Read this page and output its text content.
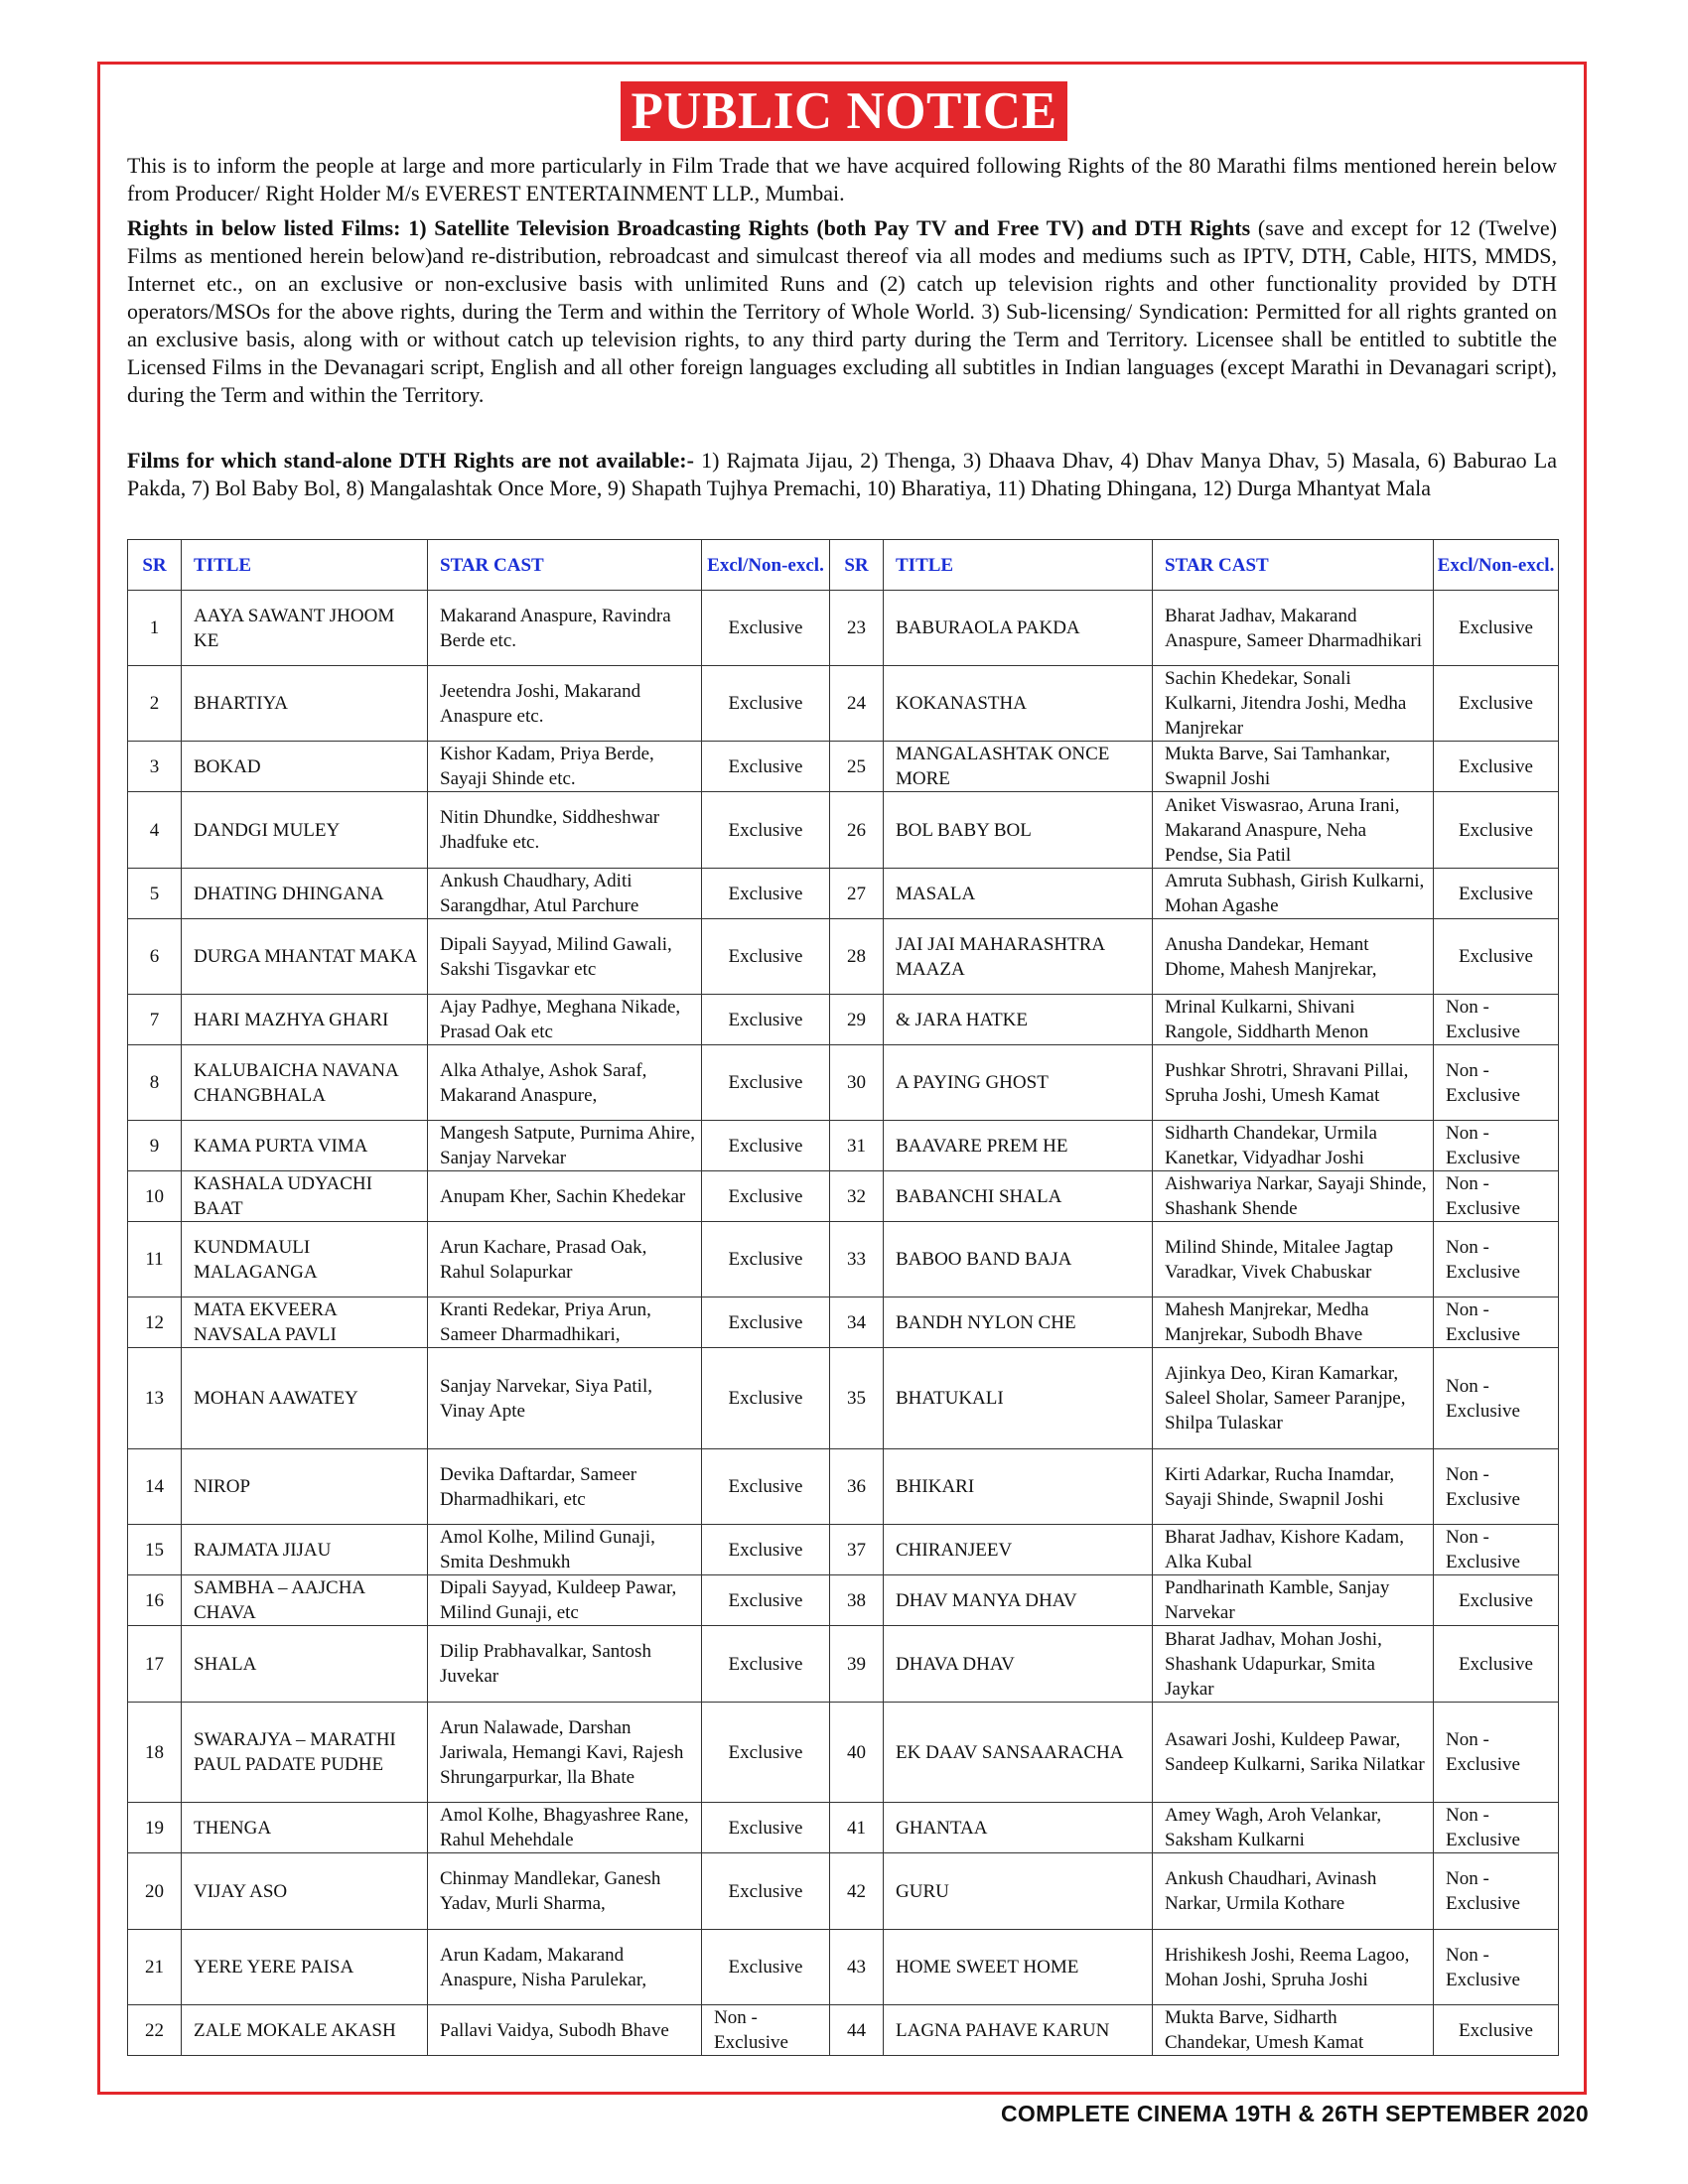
PUBLIC NOTICE
This is to inform the people at large and more particularly in Film Trade that we have acquired following Rights of the 80 Marathi films mentioned herein below from Producer/ Right Holder M/s EVEREST ENTERTAINMENT LLP., Mumbai.
Rights in below listed Films: 1) Satellite Television Broadcasting Rights (both Pay TV and Free TV) and DTH Rights (save and except for 12 (Twelve) Films as mentioned herein below)and re-distribution, rebroadcast and simulcast thereof via all modes and mediums such as IPTV, DTH, Cable, HITS, MMDS, Internet etc., on an exclusive or non-exclusive basis with unlimited Runs and (2) catch up television rights and other functionality provided by DTH operators/MSOs for the above rights, during the Term and within the Territory of Whole World. 3) Sub-licensing/ Syndication: Permitted for all rights granted on an exclusive basis, along with or without catch up television rights, to any third party during the Term and Territory. Licensee shall be entitled to subtitle the Licensed Films in the Devanagari script, English and all other foreign languages excluding all subtitles in Indian languages (except Marathi in Devanagari script), during the Term and within the Territory.
Films for which stand-alone DTH Rights are not available:- 1) Rajmata Jijau, 2) Thenga, 3) Dhaava Dhav, 4) Dhav Manya Dhav, 5) Masala, 6) Baburao La Pakda, 7) Bol Baby Bol, 8) Mangalashtak Once More, 9) Shapath Tujhya Premachi, 10) Bharatiya, 11) Dhating Dhingana, 12) Durga Mhantyat Mala
SR	TITLE	STAR CAST	Excl/Non-excl.	SR	TITLE	STAR CAST	Excl/Non-excl.
1	AAYA SAWANT JHOOM KE	Makarand Anaspure, Ravindra Berde etc.	Exclusive	23	BABURAOLA PAKDA	Bharat Jadhav, Makarand Anaspure, Sameer Dharmadhikari	Exclusive
2	BHARTIYA	Jeetendra Joshi, Makarand Anaspure etc.	Exclusive	24	KOKANASTHA	Sachin Khedekar, Sonali Kulkarni, Jitendra Joshi, Medha Manjrekar	Exclusive
3	BOKAD	Kishor Kadam, Priya Berde, Sayaji Shinde etc.	Exclusive	25	MANGALASHTAK ONCE MORE	Mukta Barve, Sai Tamhankar, Swapnil Joshi	Exclusive
4	DANDGI MULEY	Nitin Dhundke, Siddheshwar Jhadfuke etc.	Exclusive	26	BOL BABY BOL	Aniket Viswasrao, Aruna Irani, Makarand Anaspure, Neha Pendse, Sia Patil	Exclusive
5	DHATING DHINGANA	Ankush Chaudhary, Aditi Sarangdhar, Atul Parchure	Exclusive	27	MASALA	Amruta Subhash, Girish Kulkarni, Mohan Agashe	Exclusive
6	DURGA MHANTAT MAKA	Dipali Sayyad, Milind Gawali, Sakshi Tisgavkar etc	Exclusive	28	JAI JAI MAHARASHTRA MAAZA	Anusha Dandekar, Hemant Dhome, Mahesh Manjrekar,	Exclusive
7	HARI MAZHYA GHARI	Ajay Padhye, Meghana Nikade, Prasad Oak etc	Exclusive	29	& JARA HATKE	Mrinal Kulkarni, Shivani Rangole, Siddharth Menon	Non - Exclusive
8	KALUBAICHA NAVANA CHANGBHALA	Alka Athalye, Ashok Saraf, Makarand Anaspure,	Exclusive	30	A PAYING GHOST	Pushkar Shrotri, Shravani Pillai, Spruha Joshi, Umesh Kamat	Non - Exclusive
9	KAMA PURTA VIMA	Mangesh Satpute, Purnima Ahire, Sanjay Narvekar	Exclusive	31	BAAVARE PREM HE	Sidharth Chandekar, Urmila Kanetkar, Vidyadhar Joshi	Non - Exclusive
10	KASHALA UDYACHI BAAT	Anupam Kher, Sachin Khedekar	Exclusive	32	BABANCHI SHALA	Aishwariya Narkar, Sayaji Shinde, Shashank Shende	Non - Exclusive
11	KUNDMAULI MALAGANGA	Arun Kachare, Prasad Oak, Rahul Solapurkar	Exclusive	33	BABOO BAND BAJA	Milind Shinde, Mitalee Jagtap Varadkar, Vivek Chabuskar	Non - Exclusive
12	MATA EKVEERA NAVSALA PAVLI	Kranti Redekar, Priya Arun, Sameer Dharmadhikari,	Exclusive	34	BANDH NYLON CHE	Mahesh Manjrekar, Medha Manjrekar, Subodh Bhave	Non - Exclusive
13	MOHAN AAWATEY	Sanjay Narvekar, Siya Patil, Vinay Apte	Exclusive	35	BHATUKALI	Ajinkya Deo, Kiran Kamarkar, Saleel Sholar, Sameer Paranjpe, Shilpa Tulaskar	Non - Exclusive
14	NIROP	Devika Daftardar, Sameer Dharmadhikari, etc	Exclusive	36	BHIKARI	Kirti Adarkar, Rucha Inamdar, Sayaji Shinde, Swapnil Joshi	Non - Exclusive
15	RAJMATA JIJAU	Amol Kolhe, Milind Gunaji, Smita Deshmukh	Exclusive	37	CHIRANJEEV	Bharat Jadhav, Kishore Kadam, Alka Kubal	Non - Exclusive
16	SAMBHA – AAJCHA CHAVA	Dipali Sayyad, Kuldeep Pawar, Milind Gunaji, etc	Exclusive	38	DHAV MANYA DHAV	Pandharinath Kamble, Sanjay Narvekar	Exclusive
17	SHALA	Dilip Prabhavalkar, Santosh Juvekar	Exclusive	39	DHAVA DHAV	Bharat Jadhav, Mohan Joshi, Shashank Udapurkar, Smita Jaykar	Exclusive
18	SWARAJYA – MARATHI PAUL PADATE PUDHE	Arun Nalawade, Darshan Jariwala, Hemangi Kavi, Rajesh Shrungarpurkar, lla Bhate	Exclusive	40	EK DAAV SANSAARACHA	Asawari Joshi, Kuldeep Pawar, Sandeep Kulkarni, Sarika Nilatkar	Non - Exclusive
19	THENGA	Amol Kolhe, Bhagyashree Rane, Rahul Mehehdale	Exclusive	41	GHANTAA	Amey Wagh, Aroh Velankar, Saksham Kulkarni	Non - Exclusive
20	VIJAY ASO	Chinmay Mandlekar, Ganesh Yadav, Murli Sharma,	Exclusive	42	GURU	Ankush Chaudhari, Avinash Narkar, Urmila Kothare	Non - Exclusive
21	YERE YERE PAISA	Arun Kadam, Makarand Anaspure, Nisha Parulekar,	Exclusive	43	HOME SWEET HOME	Hrishikesh Joshi, Reema Lagoo, Mohan Joshi, Spruha Joshi	Non - Exclusive
22	ZALE MOKALE AKASH	Pallavi Vaidya, Subodh Bhave	Non - Exclusive	44	LAGNA PAHAVE KARUN	Mukta Barve, Sidharth Chandekar, Umesh Kamat	Exclusive
COMPLETE CINEMA 19TH & 26TH SEPTEMBER 2020
